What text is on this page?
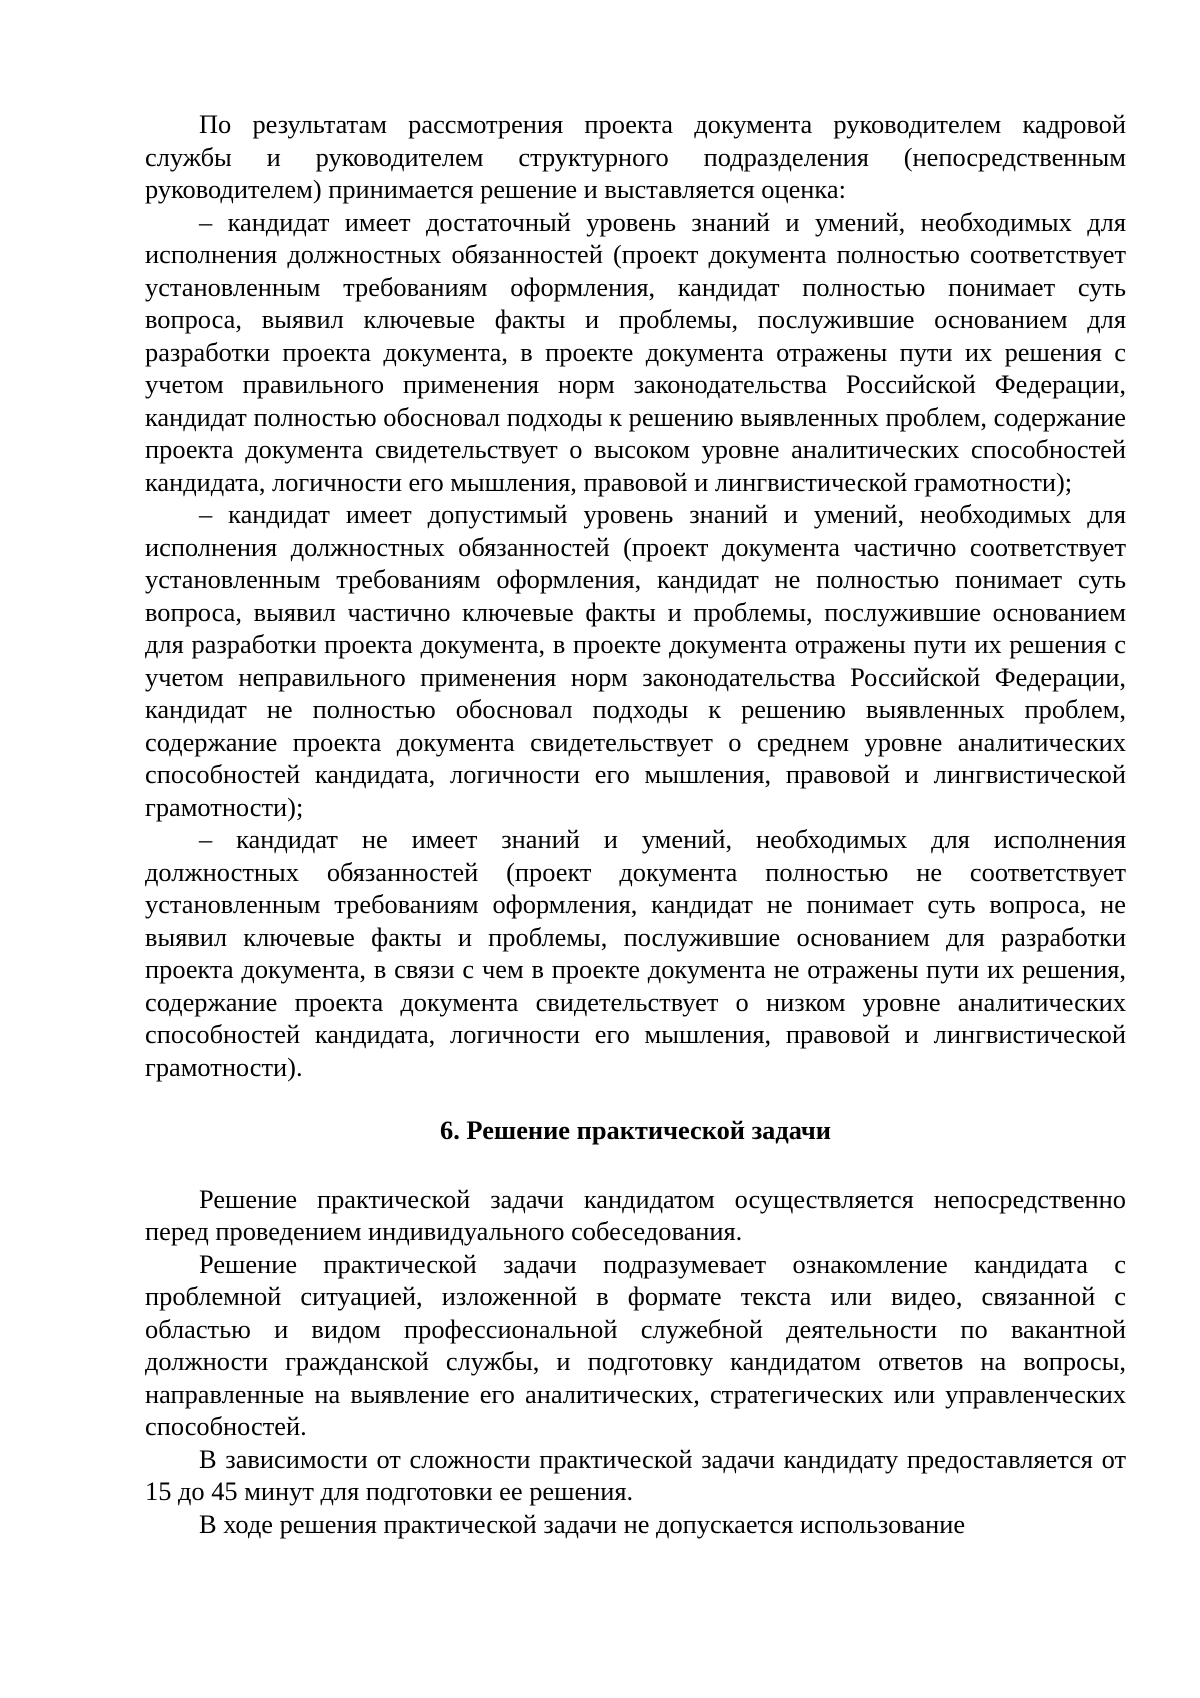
По результатам рассмотрения проекта документа руководителем кадровой службы и руководителем структурного подразделения (непосредственным руководителем) принимается решение и выставляется оценка:

– кандидат имеет достаточный уровень знаний и умений, необходимых для исполнения должностных обязанностей (проект документа полностью соответствует установленным требованиям оформления, кандидат полностью понимает суть вопроса, выявил ключевые факты и проблемы, послужившие основанием для разработки проекта документа, в проекте документа отражены пути их решения с учетом правильного применения норм законодательства Российской Федерации, кандидат полностью обосновал подходы к решению выявленных проблем, содержание проекта документа свидетельствует о высоком уровне аналитических способностей кандидата, логичности его мышления, правовой и лингвистической грамотности);

– кандидат имеет допустимый уровень знаний и умений, необходимых для исполнения должностных обязанностей (проект документа частично соответствует установленным требованиям оформления, кандидат не полностью понимает суть вопроса, выявил частично ключевые факты и проблемы, послужившие основанием для разработки проекта документа, в проекте документа отражены пути их решения с учетом неправильного применения норм законодательства Российской Федерации, кандидат не полностью обосновал подходы к решению выявленных проблем, содержание проекта документа свидетельствует о среднем уровне аналитических способностей кандидата, логичности его мышления, правовой и лингвистической грамотности);

– кандидат не имеет знаний и умений, необходимых для исполнения должностных обязанностей (проект документа полностью не соответствует установленным требованиям оформления, кандидат не понимает суть вопроса, не выявил ключевые факты и проблемы, послужившие основанием для разработки проекта документа, в связи с чем в проекте документа не отражены пути их решения, содержание проекта документа свидетельствует о низком уровне аналитических способностей кандидата, логичности его мышления, правовой и лингвистической грамотности).

6. Решение практической задачи

Решение практической задачи кандидатом осуществляется непосредственно перед проведением индивидуального собеседования.

Решение практической задачи подразумевает ознакомление кандидата с проблемной ситуацией, изложенной в формате текста или видео, связанной с областью и видом профессиональной служебной деятельности по вакантной должности гражданской службы, и подготовку кандидатом ответов на вопросы, направленные на выявление его аналитических, стратегических или управленческих способностей.

В зависимости от сложности практической задачи кандидату предоставляется от 15 до 45 минут для подготовки ее решения.

В ходе решения практической задачи не допускается использование
